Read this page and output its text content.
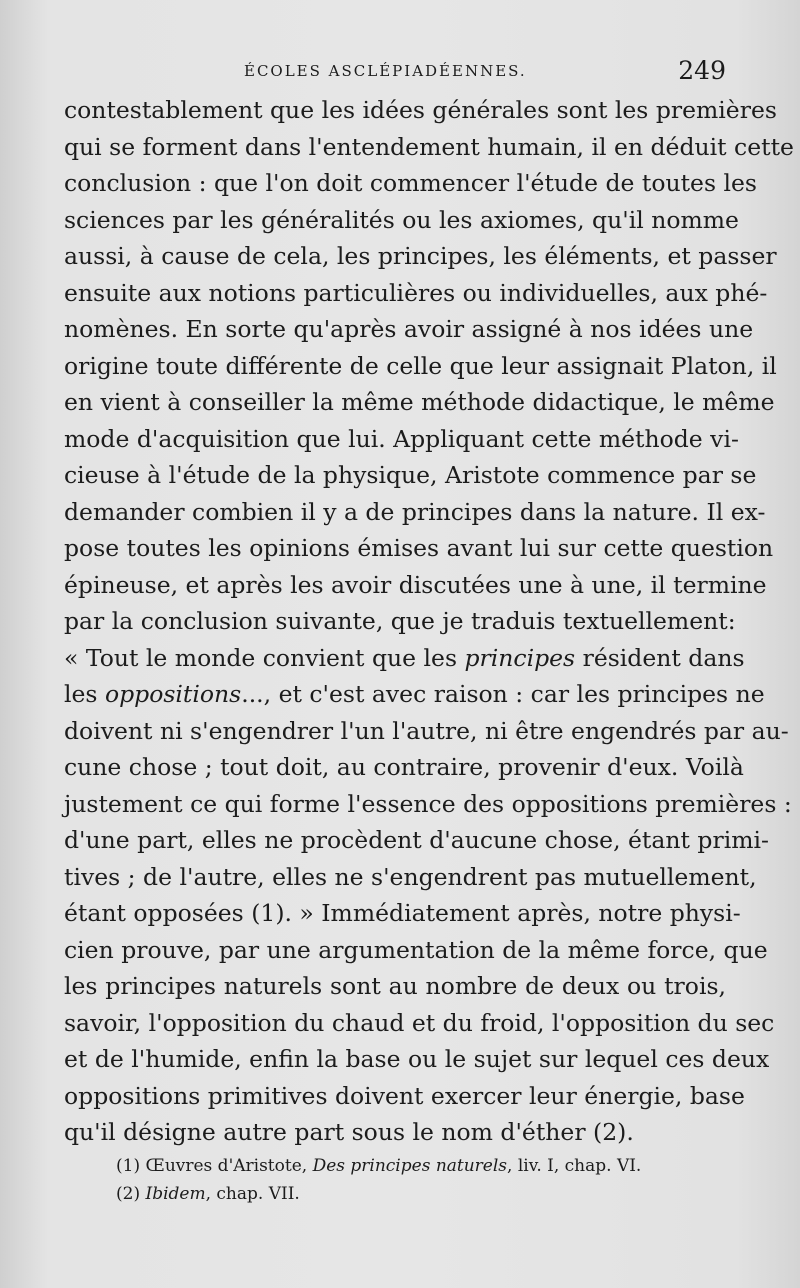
ÉCOLES ASCLÉPIADÉENNES.	249
contestablement que les idées générales sont les premières
qui se forment dans l'entendement humain, il en déduit cette
conclusion : que l'on doit commencer l'étude de toutes les
sciences par les généralités ou les axiomes, qu'il nomme
aussi, à cause de cela, les principes, les éléments, et passer
ensuite aux notions particulières ou individuelles, aux phé-
nomènes. En sorte qu'après avoir assigné à nos idées une
origine toute différente de celle que leur assignait Platon, il
en vient à conseiller la même méthode didactique, le même
mode d'acquisition que lui. Appliquant cette méthode vi-
cieuse à l'étude de la physique, Aristote commence par se
demander combien il y a de principes dans la nature. Il ex-
pose toutes les opinions émises avant lui sur cette question
épineuse, et après les avoir discutées une à une, il termine
par la conclusion suivante, que je traduis textuellement:
« Tout le monde convient que les principes résident dans
les oppositions..., et c'est avec raison : car les principes ne
doivent ni s'engendrer l'un l'autre, ni être engendrés par au-
cune chose ; tout doit, au contraire, provenir d'eux. Voilà
justement ce qui forme l'essence des oppositions premières :
d'une part, elles ne procèdent d'aucune chose, étant primi-
tives ; de l'autre, elles ne s'engendrent pas mutuellement,
étant opposées (1). » Immédiatement après, notre physi-
cien prouve, par une argumentation de la même force, que
les principes naturels sont au nombre de deux ou trois,
savoir, l'opposition du chaud et du froid, l'opposition du sec
et de l'humide, enfin la base ou le sujet sur lequel ces deux
oppositions primitives doivent exercer leur énergie, base
qu'il désigne autre part sous le nom d'éther (2).
(1) Œuvres d'Aristote, Des principes naturels, liv. I, chap. VI.
(2) Ibidem, chap. VII.
